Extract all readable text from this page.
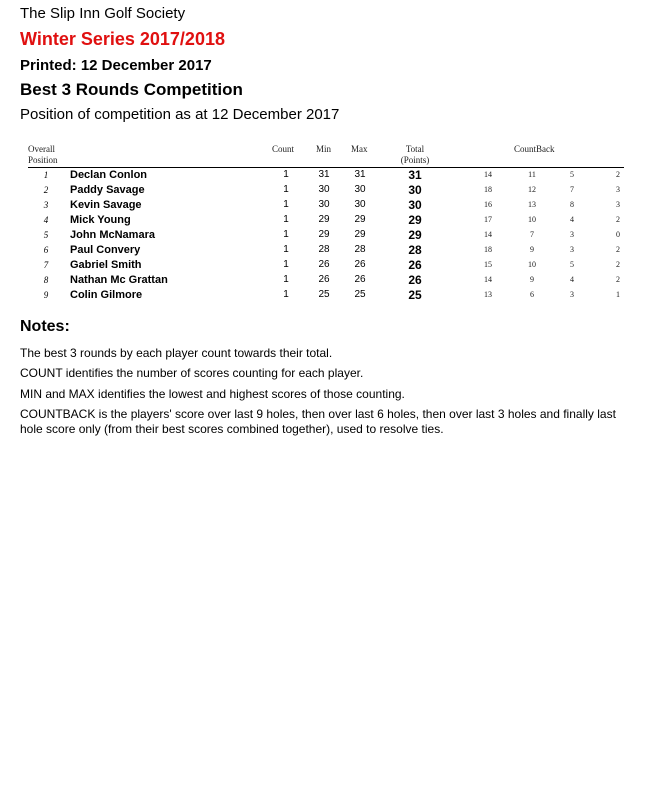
The Slip Inn Golf Society
Winter Series 2017/2018
Printed: 12 December 2017
Best 3 Rounds Competition
Position of competition as at 12 December 2017
Overall
Position
Count Min Max	Total
(Points)
CountBack
1	Declan Conlon	1	31	31	31	14	11	5	2
2	Paddy Savage	1	30	30	30	18	12	7	3
3	Kevin Savage	1	30	30	30	16	13	8	3
4	Mick Young	1	29	29	29	17	10	4	2
5	John McNamara	1	29	29	29	14	7	3	0
6	Paul Convery	1	28	28	28	18	9	3	2
7	Gabriel Smith	1	26	26	26	15	10	5	2
8	Nathan Mc Grattan	1	26	26	26	14	9	4	2
9	Colin Gilmore	1	25	25	25	13	6	3	1
Notes:
The best 3 rounds by each player count towards their total.
COUNT identifies the number of scores counting for each player.
MIN and MAX identifies the lowest and highest scores of those counting.
COUNTBACK is the players' score over last 9 holes, then over last 6 holes, then over last 3 holes and finally last hole score only (from their best scores combined together), used to resolve ties.
